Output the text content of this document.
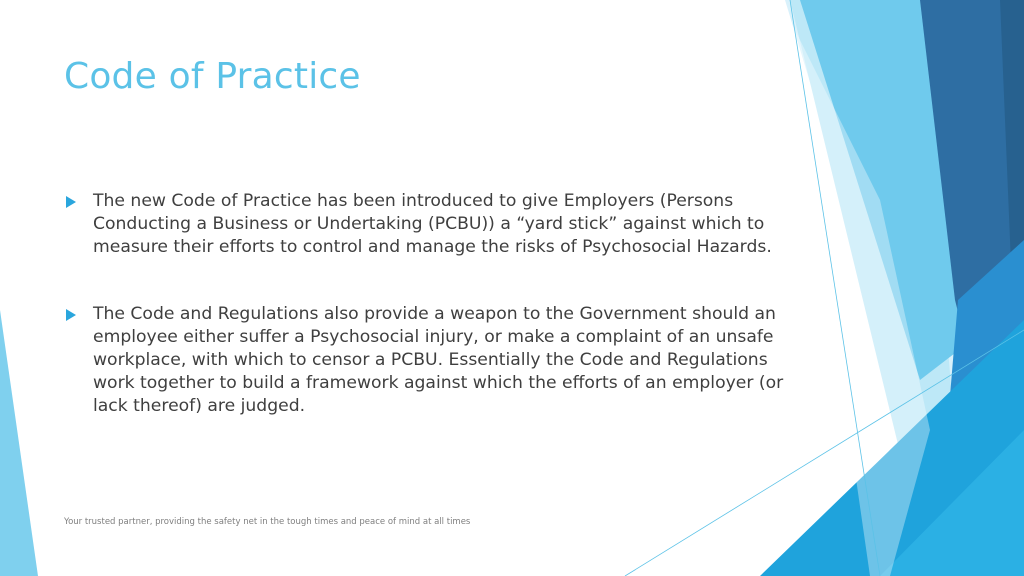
Code of Practice
The new Code of Practice has been introduced to give Employers (Persons Conducting a Business or Undertaking (PCBU)) a “yard stick” against which to measure their efforts to control and manage the risks of Psychosocial Hazards.
The Code and Regulations also provide a weapon to the Government should an employee either suffer a Psychosocial injury, or make a complaint of an unsafe workplace, with which to censor a PCBU. Essentially the Code and Regulations work together to build a framework against which the efforts of an employer (or lack thereof) are judged.
Your trusted partner, providing the safety net in the tough times and peace of mind at all times
